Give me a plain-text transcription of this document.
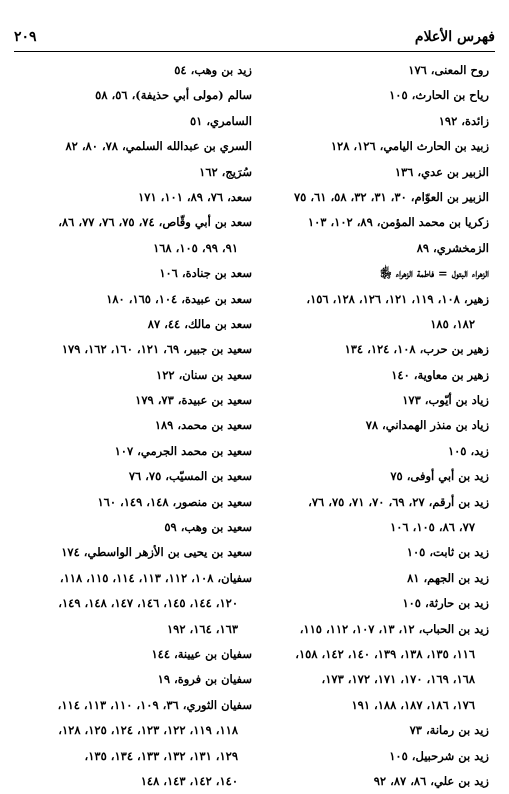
فهرس الأعلام
٢٠٩
روح المعنى، ١٧٦
رياح بن الحارث، ١٠٥
زائدة، ١٩٢
زبيد بن الحارث اليامي، ١٢٦، ١٢٨
الزبير بن عدي، ١٣٦
الزبير بن العوّام، ٣٠، ٣١، ٣٢، ٥٨، ٦١، ٧٥
زكريا بن محمد المؤمن، ٨٩، ١٠٢، ١٠٣
الزمخشري، ٨٩
الزهراء البتول = فاطمة الزهراء ﵂
زهير، ١٠٨، ١١٩، ١٢١، ١٢٦، ١٢٨، ١٥٦،
١٨٢، ١٨٥
زهير بن حرب، ١٠٨، ١٢٤، ١٣٤
زهير بن معاوية، ١٤٠
زياد بن أيّوب، ١٧٣
زياد بن منذر الهمداني، ٧٨
زيد، ١٠٥
زيد بن أبي أوفى، ٧٥
زيد بن أرقم، ٢٧، ٦٩، ٧٠، ٧١، ٧٥، ٧٦،
٧٧، ٨٦، ١٠٥، ١٠٦
زيد بن ثابت، ١٠٥
زيد بن الجهم، ٨١
زيد بن حارثة، ١٠٥
زيد بن الحباب، ١٢، ١٣، ١٠٧، ١١٢، ١١٥،
١١٦، ١٣٥، ١٣٨، ١٣٩، ١٤٠، ١٤٢، ١٥٨،
١٦٨، ١٦٩، ١٧٠، ١٧١، ١٧٢، ١٧٣،
١٧٦، ١٨٦، ١٨٧، ١٨٨، ١٩١
زيد بن رمانة، ٧٣
زيد بن شرحبيل، ١٠٥
زيد بن علي، ٨٦، ٨٧، ٩٢
زيد بن وهب، ٥٤
سالم (مولى أبي حذيفة)، ٥٦، ٥٨
السامري، ٥١
السري بن عبدالله السلمي، ٧٨، ٨٠، ٨٢
سُرَيج، ١٦٢
سعد، ٧٦، ٨٩، ١٠١، ١٧١
سعد بن أبي وقّاص، ٧٤، ٧٥، ٧٦، ٧٧، ٨٦،
٩١، ٩٩، ١٠٥، ١٦٨
سعد بن جنادة، ١٠٦
سعد بن عبيدة، ١٠٤، ١٦٥، ١٨٠
سعد بن مالك، ٤٤، ٨٧
سعيد بن جبير، ٦٩، ١٢١، ١٦٠، ١٦٢، ١٧٩
سعيد بن سنان، ١٢٢
سعيد بن عبيدة، ٧٣، ١٧٩
سعيد بن محمد، ١٨٩
سعيد بن محمد الجرمي، ١٠٧
سعيد بن المسيّب، ٧٥، ٧٦
سعيد بن منصور، ١٤٨، ١٤٩، ١٦٠
سعيد بن وهب، ٥٩
سعيد بن يحيى بن الأزهر الواسطي، ١٧٤
سفيان، ١٠٨، ١١٢، ١١٣، ١١٤، ١١٥، ١١٨،
١٢٠، ١٤٤، ١٤٥، ١٤٦، ١٤٧، ١٤٨، ١٤٩،
١٦٣، ١٦٤، ١٩٢
سفيان بن عيينة، ١٤٤
سفيان بن فروة، ١٩
سفيان الثوري، ٣٦، ١٠٩، ١١٠، ١١٣، ١١٤،
١١٨، ١١٩، ١٢٢، ١٢٣، ١٢٤، ١٢٥، ١٢٨،
١٢٩، ١٣١، ١٣٢، ١٣٣، ١٣٤، ١٣٥،
١٤٠، ١٤٢، ١٤٣، ١٤٨
